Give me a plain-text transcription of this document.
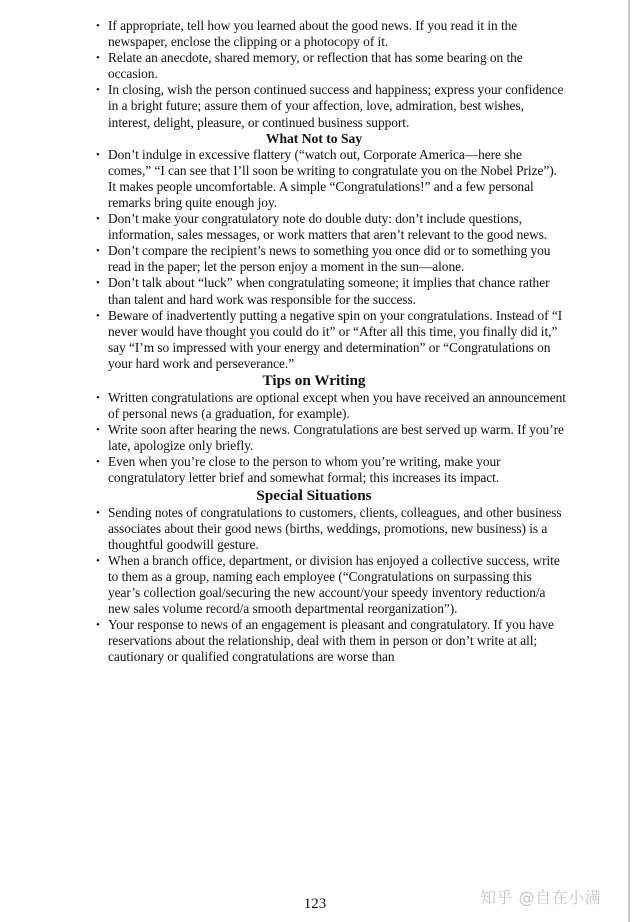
• If appropriate, tell how you learned about the good news. If you read it in the newspaper, enclose the clipping or a photocopy of it.
• Relate an anecdote, shared memory, or reflection that has some bearing on the occasion.
• In closing, wish the person continued success and happiness; express your confidence in a bright future; assure them of your affection, love, admiration, best wishes, interest, delight, pleasure, or continued business support.
What Not to Say
• Don’t indulge in excessive flattery (“watch out, Corporate America—here she comes,” “I can see that I’ll soon be writing to congratulate you on the Nobel Prize”). It makes people uncomfortable. A simple “Congratulations!” and a few personal remarks bring quite enough joy.
• Don’t make your congratulatory note do double duty: don’t include questions, information, sales messages, or work matters that aren’t relevant to the good news.
• Don’t compare the recipient’s news to something you once did or to something you read in the paper; let the person enjoy a moment in the sun—alone.
• Don’t talk about “luck” when congratulating someone; it implies that chance rather than talent and hard work was responsible for the success.
• Beware of inadvertently putting a negative spin on your congratulations. Instead of “I never would have thought you could do it” or “After all this time, you finally did it,” say “I’m so impressed with your energy and determination” or “Congratulations on your hard work and perseverance.”
Tips on Writing
• Written congratulations are optional except when you have received an announcement of personal news (a graduation, for example).
• Write soon after hearing the news. Congratulations are best served up warm. If you’re late, apologize only briefly.
• Even when you’re close to the person to whom you’re writing, make your congratulatory letter brief and somewhat formal; this increases its impact.
Special Situations
• Sending notes of congratulations to customers, clients, colleagues, and other business associates about their good news (births, weddings, promotions, new business) is a thoughtful goodwill gesture.
• When a branch office, department, or division has enjoyed a collective success, write to them as a group, naming each employee (“Congratulations on surpassing this year’s collection goal/securing the new account/your speedy inventory reduction/a new sales volume record/a smooth departmental reorganization”).
• Your response to news of an engagement is pleasant and congratulatory. If you have reservations about the relationship, deal with them in person or don’t write at all; cautionary or qualified congratulations are worse than
123	知乎 @自在小满
